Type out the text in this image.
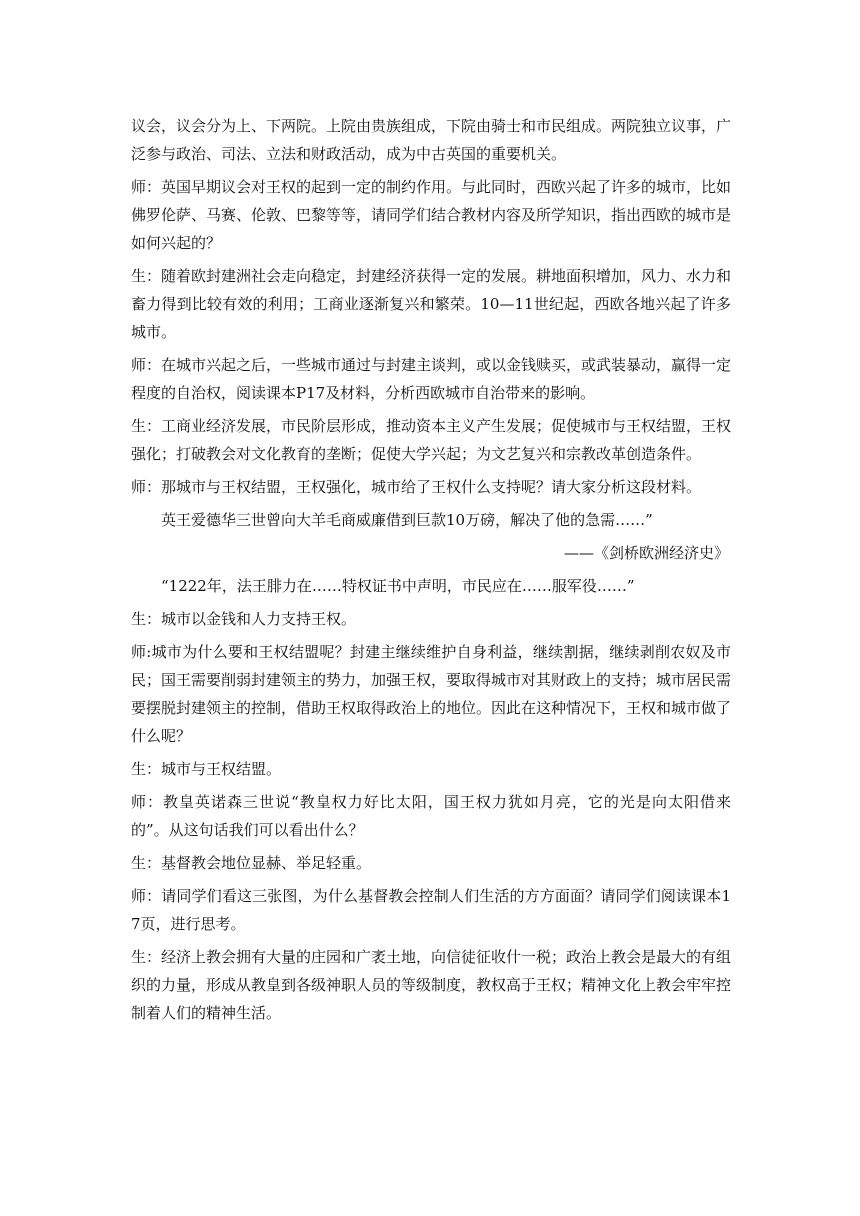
议会，议会分为上、下两院。上院由贵族组成，下院由骑士和市民组成。两院独立议事，广泛参与政治、司法、立法和财政活动，成为中古英国的重要机关。

师：英国早期议会对王权的起到一定的制约作用。与此同时，西欧兴起了许多的城市，比如佛罗伦萨、马赛、伦敦、巴黎等等，请同学们结合教材内容及所学知识，指出西欧的城市是如何兴起的？

生：随着欧封建洲社会走向稳定，封建经济获得一定的发展。耕地面积增加，风力、水力和畜力得到比较有效的利用；工商业逐渐复兴和繁荣。10—11世纪起，西欧各地兴起了许多城市。

师：在城市兴起之后，一些城市通过与封建主谈判，或以金钱赎买，或武装暴动，赢得一定程度的自治权，阅读课本P17及材料，分析西欧城市自治带来的影响。

生：工商业经济发展，市民阶层形成，推动资本主义产生发展；促使城市与王权结盟，王权强化；打破教会对文化教育的垄断；促使大学兴起；为文艺复兴和宗教改革创造条件。

师：那城市与王权结盟，王权强化，城市给了王权什么支持呢？请大家分析这段材料。

英王爱德华三世曾向大羊毛商威廉借到巨款10万磅，解决了他的急需……”

——《剑桥欧洲经济史》

“1222年，法王腓力在……特权证书中声明，市民应在……服军役……”

生：城市以金钱和人力支持王权。

师:城市为什么要和王权结盟呢？封建主继续维护自身利益，继续割据，继续剥削农奴及市民；国王需要削弱封建领主的势力，加强王权，要取得城市对其财政上的支持；城市居民需要摆脱封建领主的控制，借助王权取得政治上的地位。因此在这种情况下，王权和城市做了什么呢？

生：城市与王权结盟。

师：教皇英诺森三世说“教皇权力好比太阳，国王权力犹如月亮，它的光是向太阳借来的”。从这句话我们可以看出什么？

生：基督教会地位显赫、举足轻重。

师：请同学们看这三张图，为什么基督教会控制人们生活的方方面面？请同学们阅读课本17页，进行思考。

生：经济上教会拥有大量的庄园和广袤土地，向信徒征收什一税；政治上教会是最大的有组织的力量，形成从教皇到各级神职人员的等级制度，教权高于王权；精神文化上教会牢牢控制着人们的精神生活。
